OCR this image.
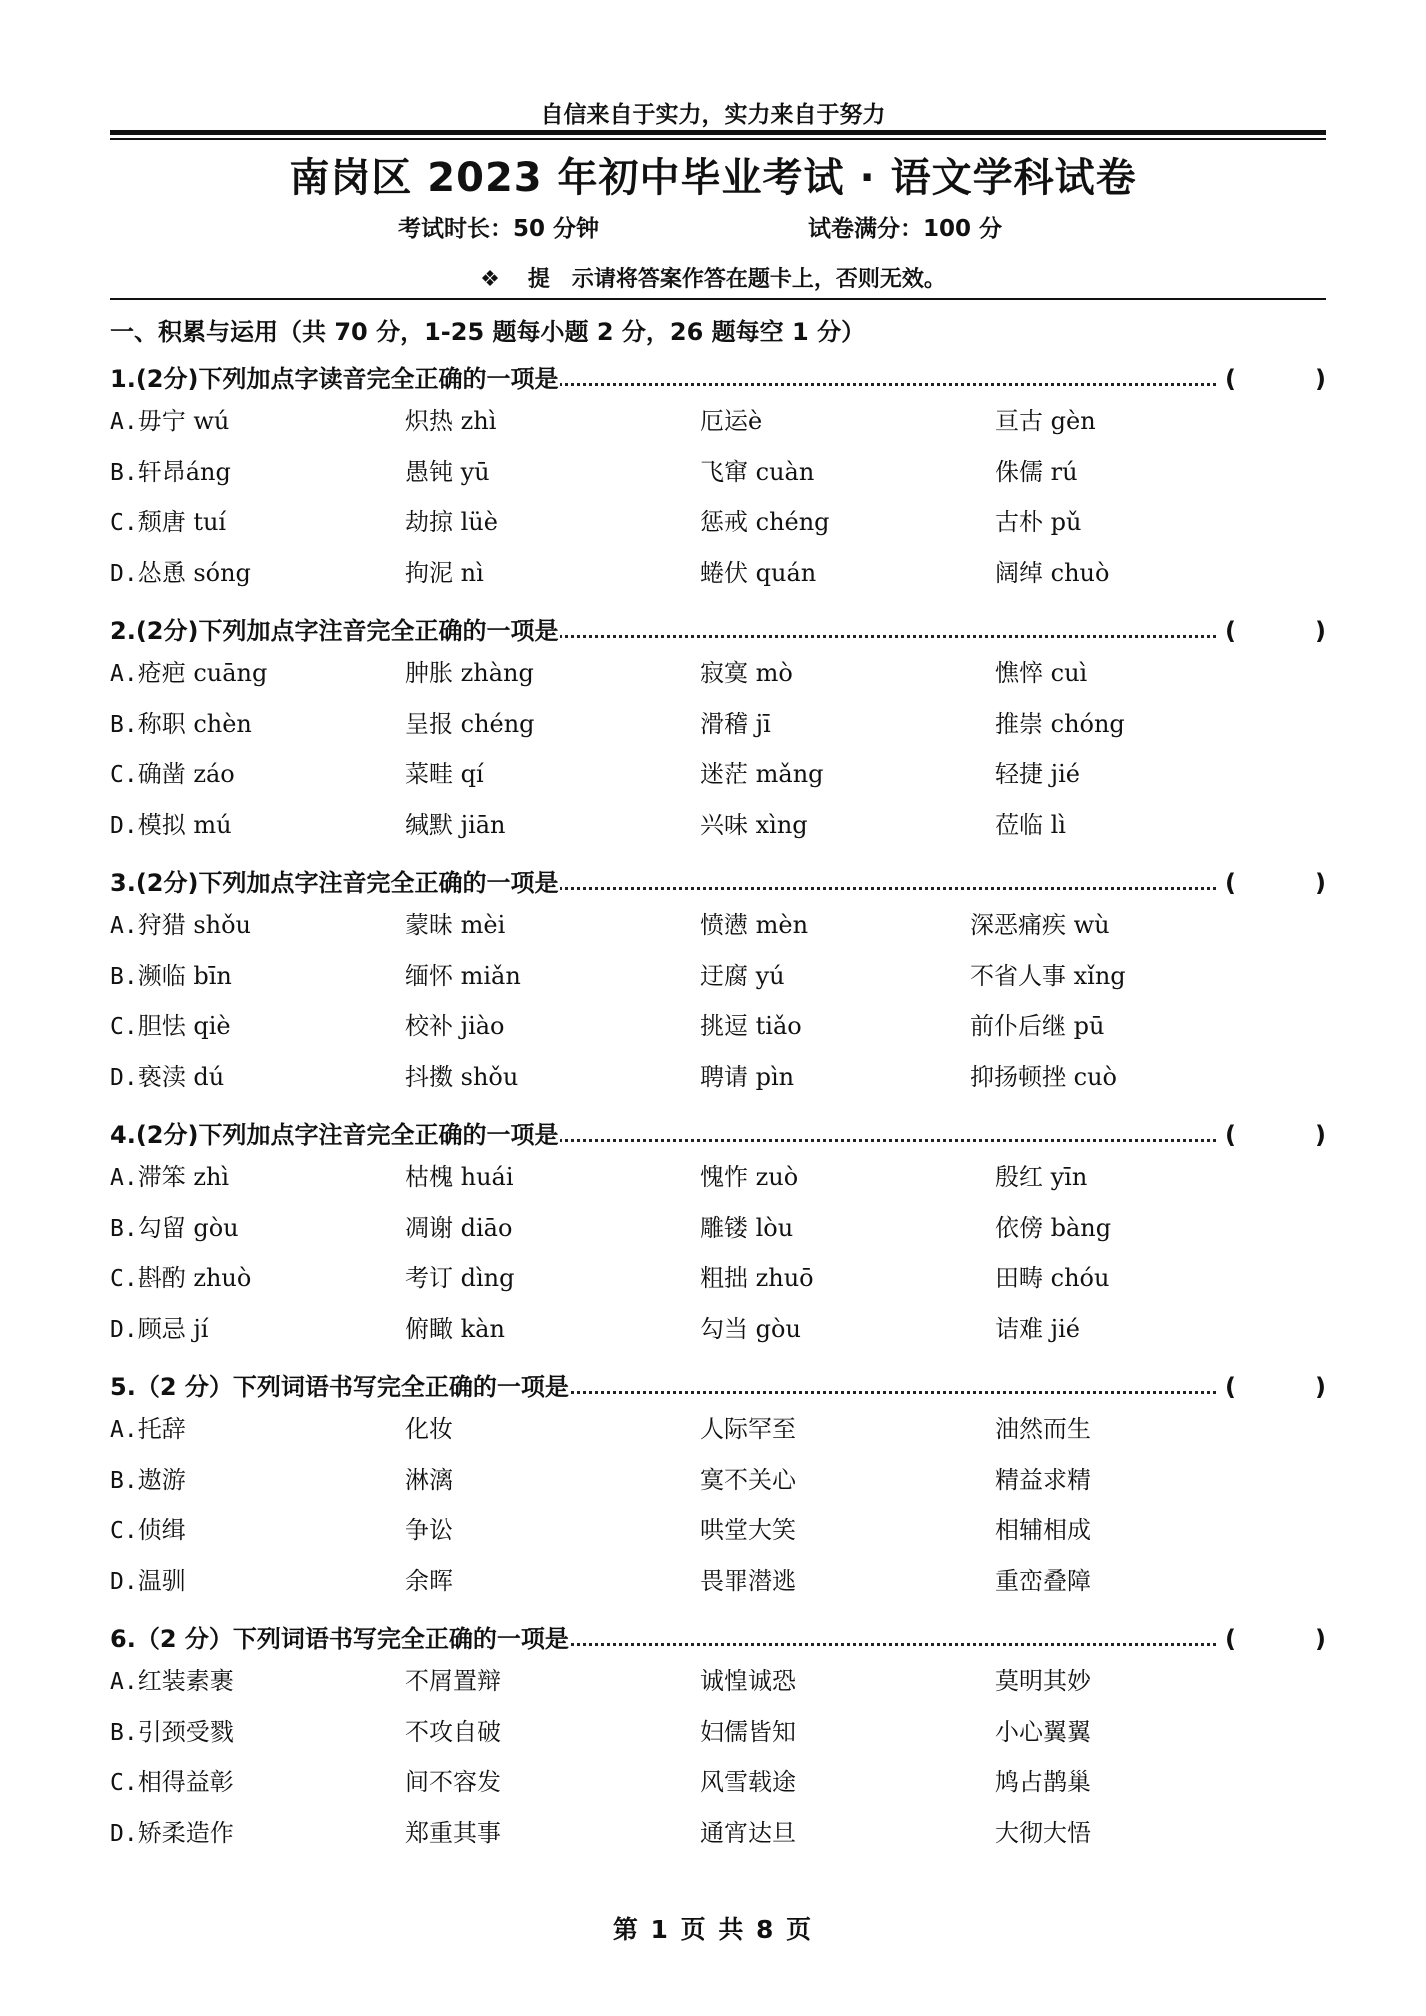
自信来自于实力，实力来自于努力
南岗区 2023 年初中毕业考试 · 语文学科试卷
考试时长：50 分钟	试卷满分：100 分
❖ 提　示请将答案作答在题卡上，否则无效。
一、积累与运用（共 70 分，1-25 题每小题 2 分，26 题每空 1 分）
1.(2分)下列加点字读音完全正确的一项是	(	)
A.毋宁 wú	炽热 zhì	厄运è	亘古 gèn
B.轩昂áng	愚钝 yū	飞窜 cuàn	侏儒 rú
C.颓唐 tuí	劫掠 lüè	惩戒 chéng	古朴 pǔ
D.怂恿 sóng	拘泥 nì	蜷伏 quán	阔绰 chuò
2.(2分)下列加点字注音完全正确的一项是	(	)
A.疮疤 cuāng	肿胀 zhàng	寂寞 mò	憔悴 cuì
B.称职 chèn	呈报 chéng	滑稽 jī	推崇 chóng
C.确凿 záo	菜畦 qí	迷茫 mǎng	轻捷 jié
D.模拟 mú	缄默 jiān	兴味 xìng	莅临 lì
3.(2分)下列加点字注音完全正确的一项是	(	)
A.狩猎 shǒu	蒙昧 mèi	愤懑 mèn	深恶痛疾 wù
B.濒临 bīn	缅怀 miǎn	迂腐 yú	不省人事 xǐng
C.胆怯 qiè	校补 jiào	挑逗 tiǎo	前仆后继 pū
D.亵渎 dú	抖擞 shǒu	聘请 pìn	抑扬顿挫 cuò
4.(2分)下列加点字注音完全正确的一项是	(	)
A.滞笨 zhì	枯槐 huái	愧怍 zuò	殷红 yīn
B.勾留 gòu	凋谢 diāo	雕镂 lòu	依傍 bàng
C.斟酌 zhuò	考订 dìng	粗拙 zhuō	田畴 chóu
D.顾忌 jí	俯瞰 kàn	勾当 gòu	诘难 jié
5.（2 分）下列词语书写完全正确的一项是	(	)
A.托辞	化妆	人际罕至	油然而生
B.遨游	淋漓	寞不关心	精益求精
C.侦缉	争讼	哄堂大笑	相辅相成
D.温驯	余晖	畏罪潜逃	重峦叠障
6.（2 分）下列词语书写完全正确的一项是	(	)
A.红装素裹	不屑置辩	诚惶诚恐	莫明其妙
B.引颈受戮	不攻自破	妇儒皆知	小心翼翼
C.相得益彰	间不容发	风雪载途	鸠占鹊巢
D.矫柔造作	郑重其事	通宵达旦	大彻大悟
第 1 页 共 8 页
